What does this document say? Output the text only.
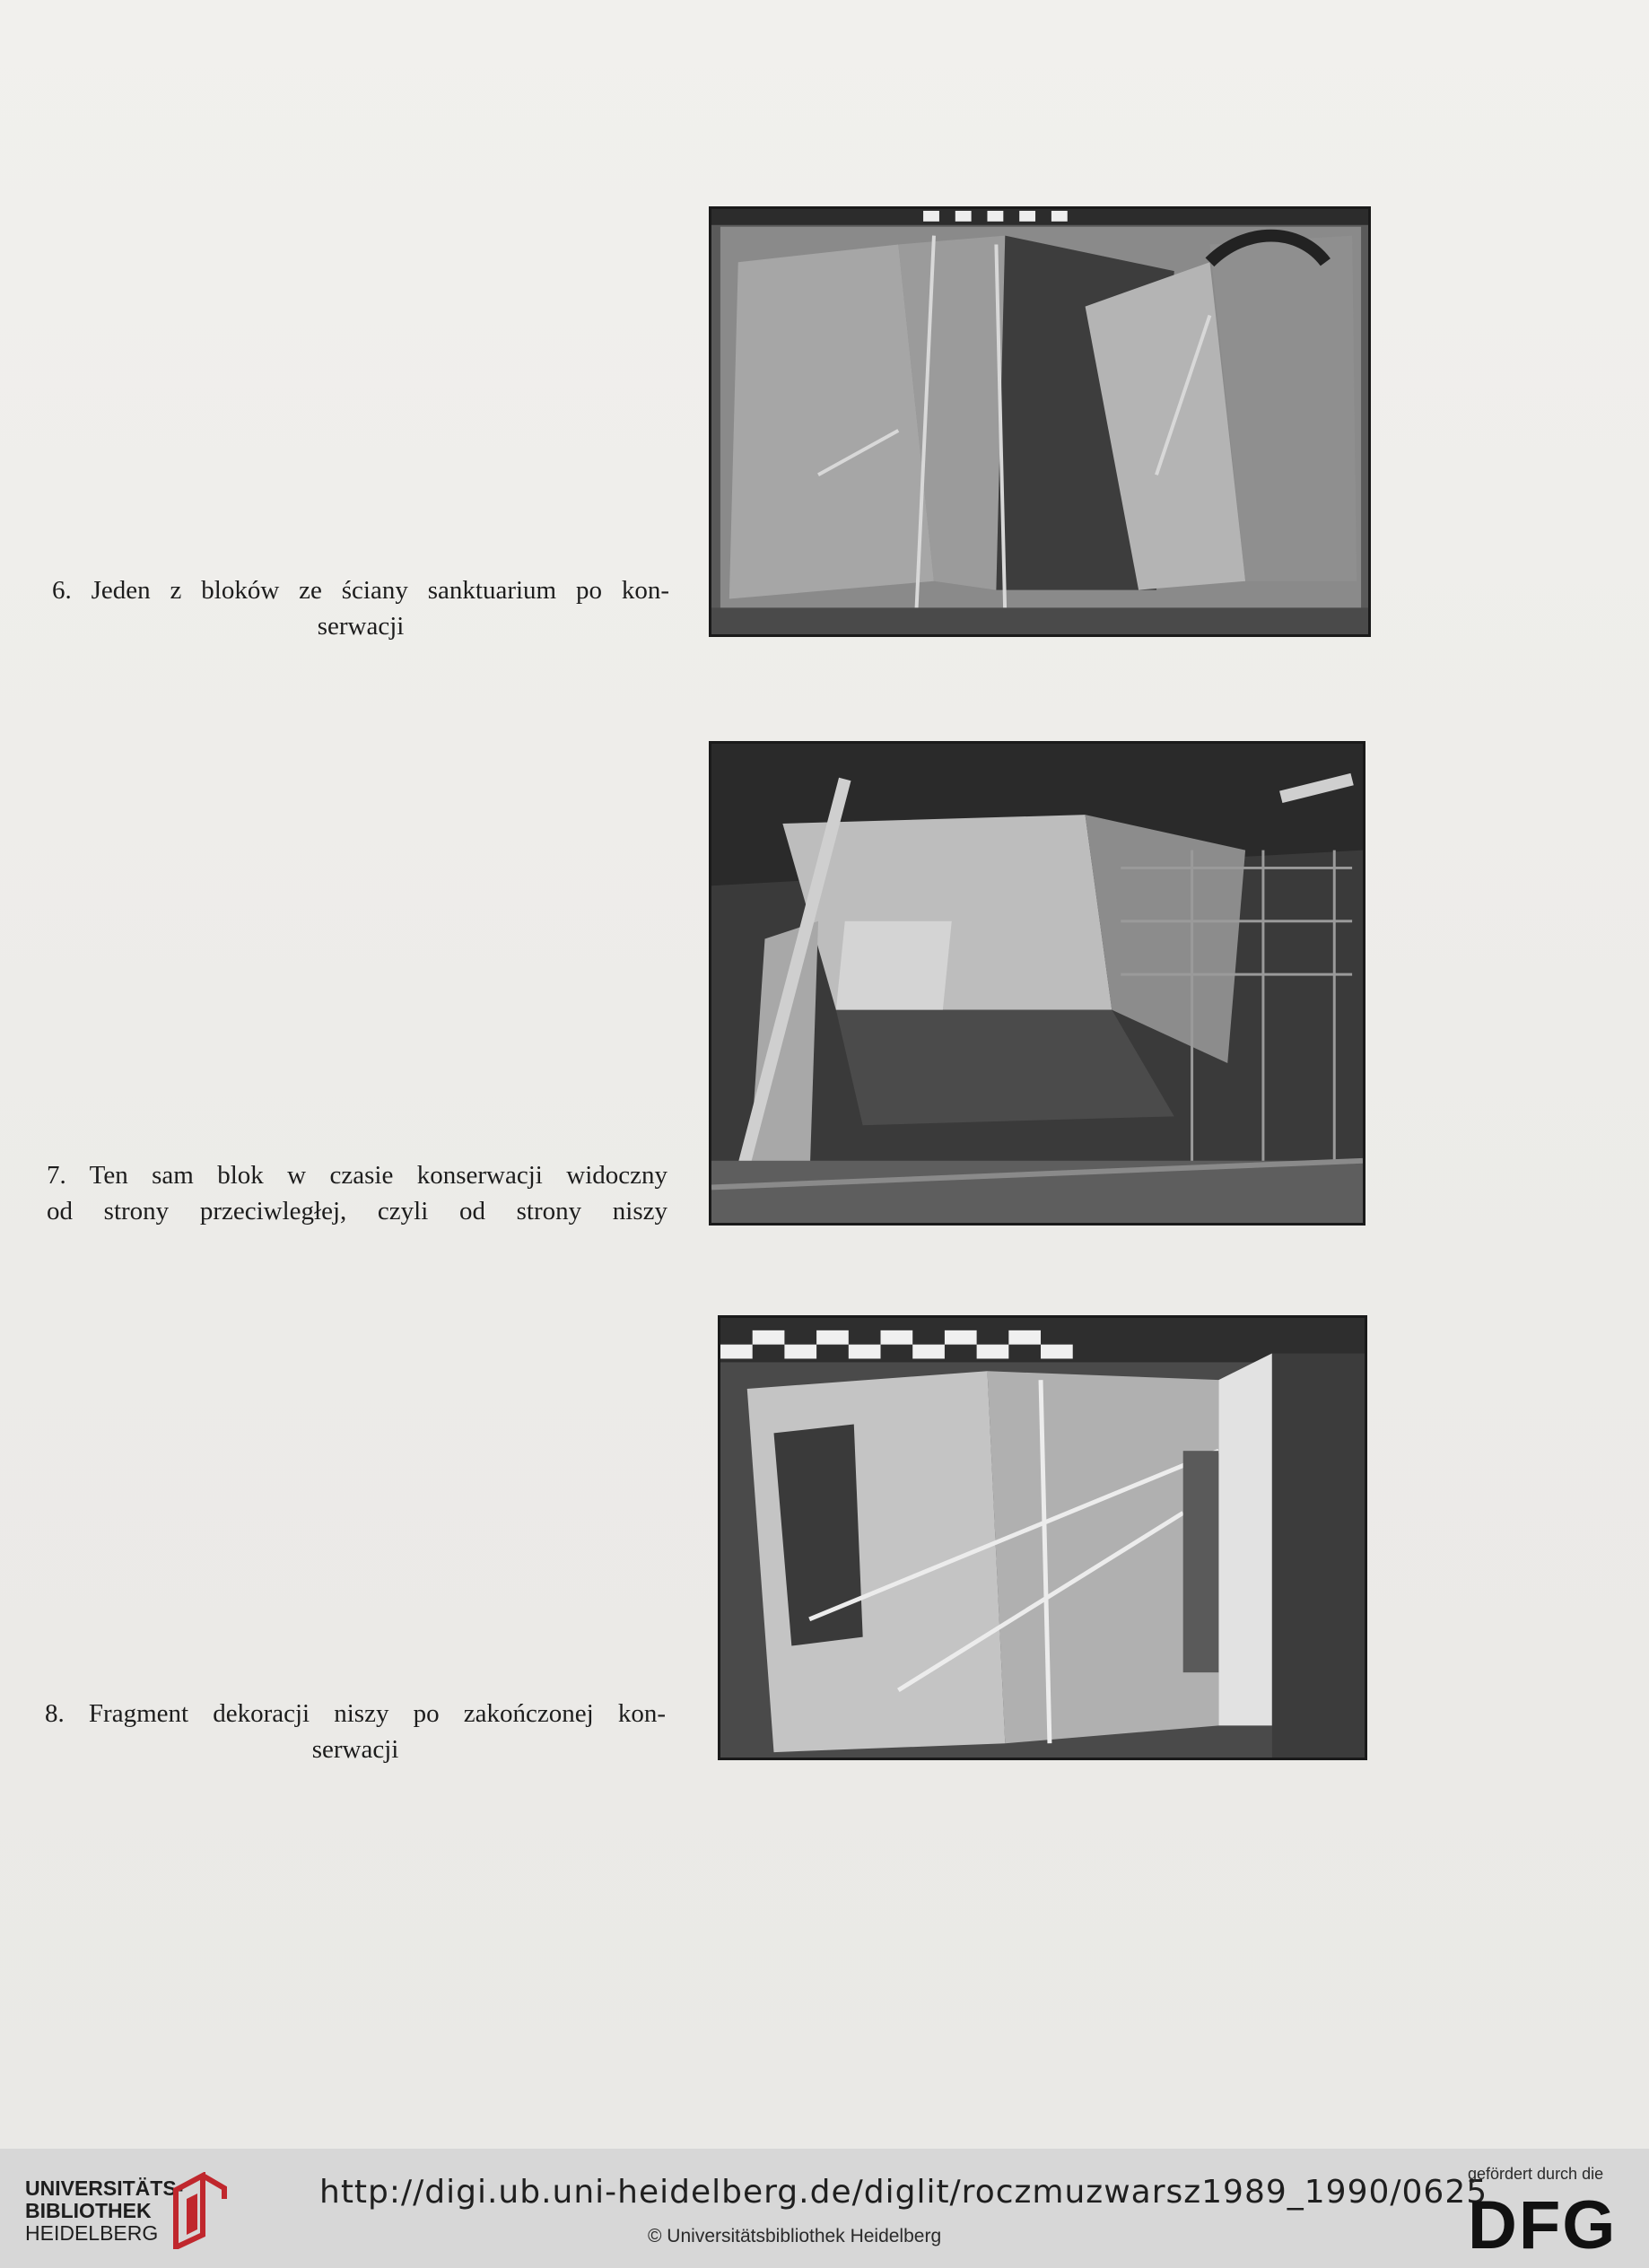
6. Jeden z bloków ze ściany sanktuarium po kon-
serwacji
7. Ten sam blok w czasie konserwacji widoczny
od strony przeciwległej, czyli od strony niszy
8. Fragment dekoracji niszy po zakończonej kon-
serwacji
UNIVERSITÄTS-
BIBLIOTHEK
HEIDELBERG
http://digi.ub.uni-heidelberg.de/diglit/roczmuzwarsz1989_1990/0625
© Universitätsbibliothek Heidelberg
gefördert durch die
DFG
